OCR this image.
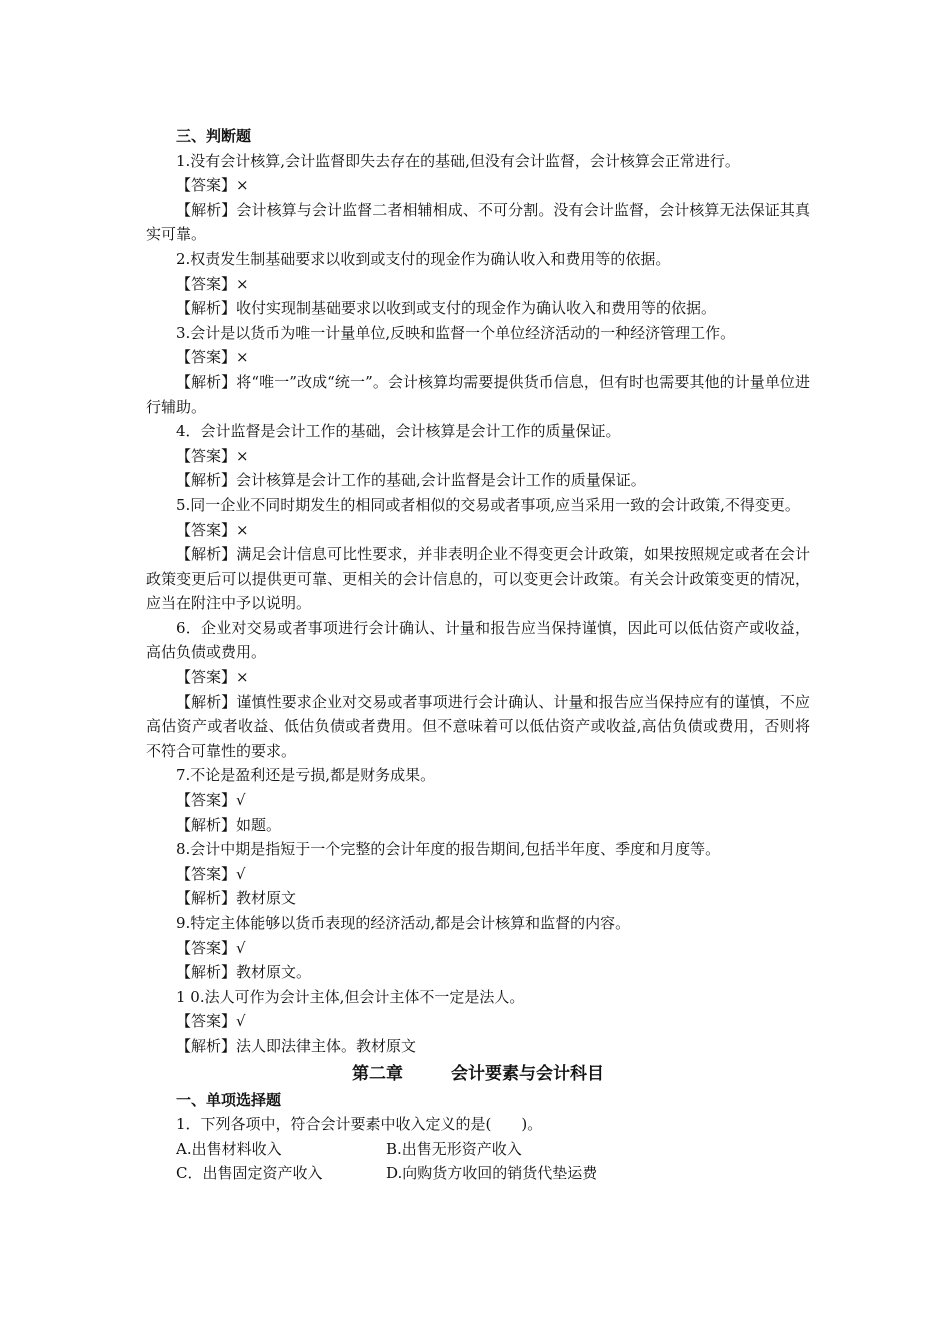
三、判断题
1.没有会计核算,会计监督即失去存在的基础,但没有会计监督，会计核算会正常进行。
【答案】×
【解析】会计核算与会计监督二者相辅相成、不可分割。没有会计监督，会计核算无法保证其真实可靠。
2.权责发生制基础要求以收到或支付的现金作为确认收入和费用等的依据。
【答案】×
【解析】收付实现制基础要求以收到或支付的现金作为确认收入和费用等的依据。
3.会计是以货币为唯一计量单位,反映和监督一个单位经济活动的一种经济管理工作。
【答案】×
【解析】将“唯一”改成“统一”。会计核算均需要提供货币信息，但有时也需要其他的计量单位进行辅助。
4．会计监督是会计工作的基础，会计核算是会计工作的质量保证。
【答案】×
【解析】会计核算是会计工作的基础,会计监督是会计工作的质量保证。
5.同一企业不同时期发生的相同或者相似的交易或者事项,应当采用一致的会计政策,不得变更。
【答案】×
【解析】满足会计信息可比性要求，并非表明企业不得变更会计政策，如果按照规定或者在会计政策变更后可以提供更可靠、更相关的会计信息的，可以变更会计政策。有关会计政策变更的情况，应当在附注中予以说明。
6．企业对交易或者事项进行会计确认、计量和报告应当保持谨慎，因此可以低估资产或收益，高估负债或费用。
【答案】×
【解析】谨慎性要求企业对交易或者事项进行会计确认、计量和报告应当保持应有的谨慎，不应高估资产或者收益、低估负债或者费用。但不意味着可以低估资产或收益,高估负债或费用，否则将不符合可靠性的要求。
7.不论是盈利还是亏损,都是财务成果。
【答案】√
【解析】如题。
8.会计中期是指短于一个完整的会计年度的报告期间,包括半年度、季度和月度等。
【答案】√
【解析】教材原文
9.特定主体能够以货币表现的经济活动,都是会计核算和监督的内容。
【答案】√
【解析】教材原文。
1 0.法人可作为会计主体,但会计主体不一定是法人。
【答案】√
【解析】法人即法律主体。教材原文
第二章	会计要素与会计科目
一、单项选择题
1．下列各项中，符合会计要素中收入定义的是(　　)。
A.出售材料收入	B.出售无形资产收入
C．出售固定资产收入	D.向购货方收回的销货代垫运费
